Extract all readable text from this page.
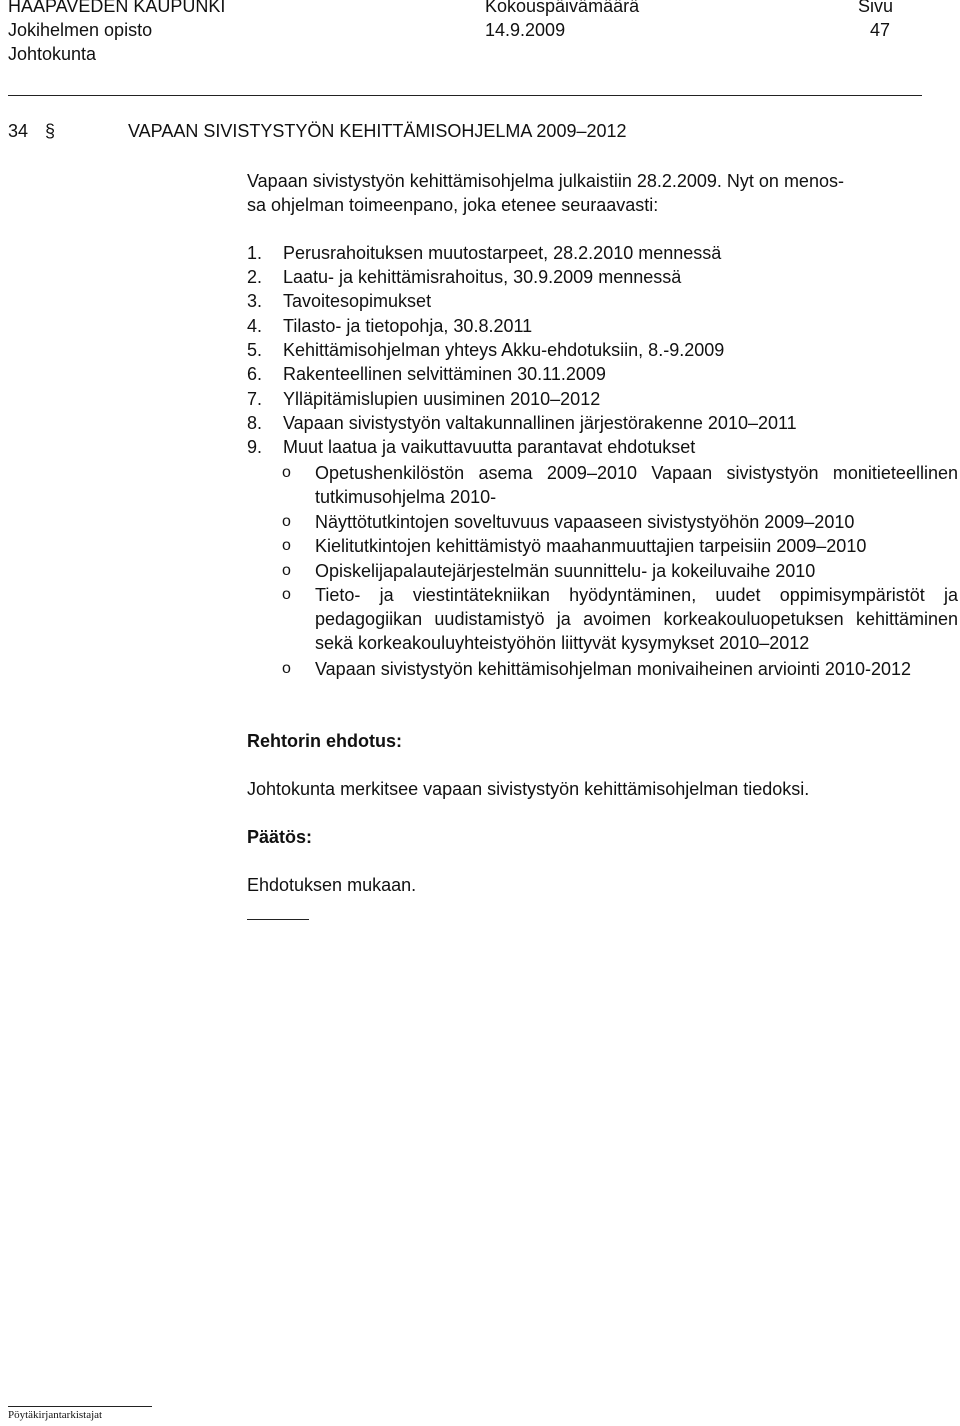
HAAPAVEDEN KAUPUNKI
Jokihelmen opisto
Johtokunta
Kokouspäivämäärä
14.9.2009
Sivu
47
34 §	VAPAAN SIVISTYSTYÖN KEHITTÄMISOHJELMA 2009–2012
Vapaan sivistystyön kehittämisohjelma julkaistiin 28.2.2009. Nyt on menos-
sa ohjelman toimeenpano, joka etenee seuraavasti:
1. Perusrahoituksen muutostarpeet, 28.2.2010 mennessä
2. Laatu- ja kehittämisrahoitus, 30.9.2009 mennessä
3. Tavoitesopimukset
4. Tilasto- ja tietopohja, 30.8.2011
5. Kehittämisohjelman yhteys Akku-ehdotuksiin, 8.-9.2009
6. Rakenteellinen selvittäminen 30.11.2009
7. Ylläpitämislupien uusiminen 2010–2012
8. Vapaan sivistystyön valtakunnallinen järjestörakenne 2010–2011
9. Muut laatua ja vaikuttavuutta parantavat ehdotukset
o Opetushenkilöstön asema 2009–2010 Vapaan sivistystyön monitieteellinen tutkimusohjelma 2010-
o Näyttötutkintojen soveltuvuus vapaaseen sivistystyöhön 2009–2010
o Kielitutkintojen kehittämistyö maahanmuuttajien tarpeisiin 2009–2010
o Opiskelijapalautejärjestelmän suunnittelu- ja kokeiluvaihe 2010
o Tieto- ja viestintätekniikan hyödyntäminen, uudet oppimisympäristöt ja pedagogiikan uudistamistyö ja avoimen korkeakouluopetuksen kehittäminen sekä korkeakouluyhteistyöhön liittyvät kysymykset 2010–2012
o Vapaan sivistystyön kehittämisohjelman monivaiheinen arviointi 2010-2012
Rehtorin ehdotus:
Johtokunta merkitsee vapaan sivistystyön kehittämisohjelman tiedoksi.
Päätös:
Ehdotuksen mukaan.
Pöytäkirjantarkistajat
